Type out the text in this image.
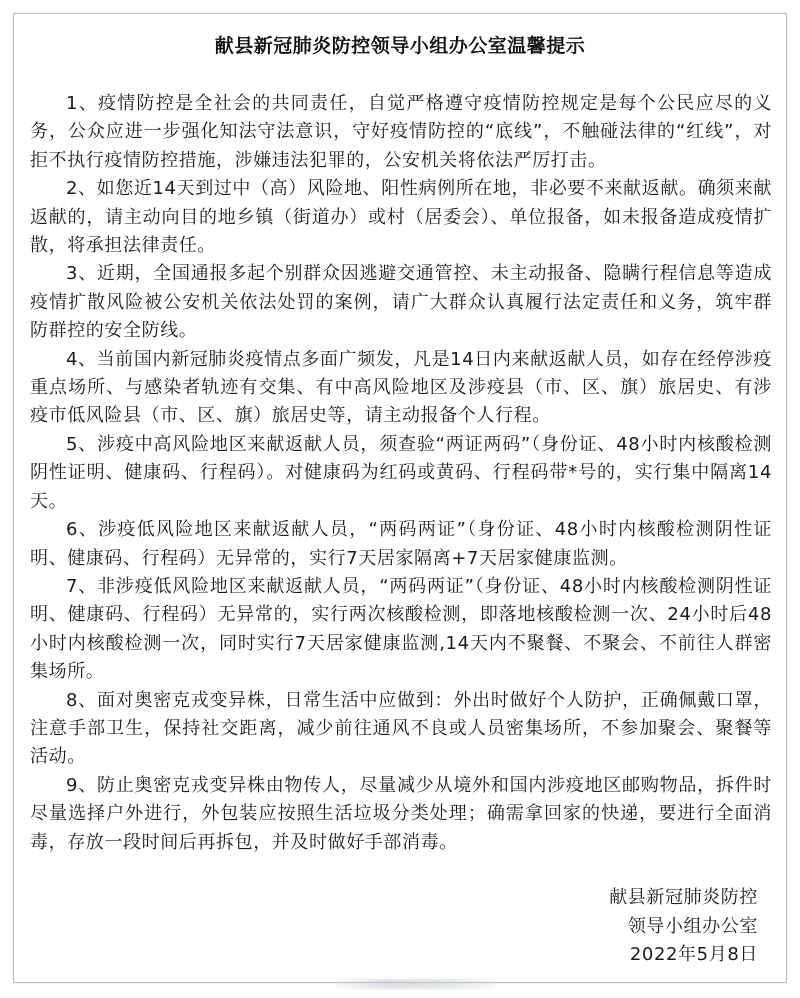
献县新冠肺炎防控领导小组办公室温馨提示

1、疫情防控是全社会的共同责任，自觉严格遵守疫情防控规定是每个公民应尽的义务，公众应进一步强化知法守法意识，守好疫情防控的“底线”，不触碰法律的“红线”，对拒不执行疫情防控措施，涉嫌违法犯罪的，公安机关将依法严厉打击。

2、如您近14天到过中（高）风险地、阳性病例所在地，非必要不来献返献。确须来献返献的，请主动向目的地乡镇（街道办）或村（居委会）、单位报备，如未报备造成疫情扩散，将承担法律责任。

3、近期，全国通报多起个别群众因逃避交通管控、未主动报备、隐瞒行程信息等造成疫情扩散风险被公安机关依法处罚的案例，请广大群众认真履行法定责任和义务，筑牢群防群控的安全防线。

4、当前国内新冠肺炎疫情点多面广频发，凡是14日内来献返献人员，如存在经停涉疫重点场所、与感染者轨迹有交集、有中高风险地区及涉疫县（市、区、旗）旅居史、有涉疫市低风险县（市、区、旗）旅居史等，请主动报备个人行程。

5、涉疫中高风险地区来献返献人员，须查验“两证两码”（身份证、48小时内核酸检测阴性证明、健康码、行程码）。对健康码为红码或黄码、行程码带*号的，实行集中隔离14天。

6、涉疫低风险地区来献返献人员，“两码两证”（身份证、48小时内核酸检测阴性证明、健康码、行程码）无异常的，实行7天居家隔离+7天居家健康监测。

7、非涉疫低风险地区来献返献人员，“两码两证”（身份证、48小时内核酸检测阴性证明、健康码、行程码）无异常的，实行两次核酸检测，即落地核酸检测一次、24小时后48小时内核酸检测一次，同时实行7天居家健康监测,14天内不聚餐、不聚会、不前往人群密集场所。

8、面对奥密克戎变异株，日常生活中应做到：外出时做好个人防护，正确佩戴口罩，注意手部卫生，保持社交距离，减少前往通风不良或人员密集场所，不参加聚会、聚餐等活动。

9、防止奥密克戎变异株由物传人，尽量减少从境外和国内涉疫地区邮购物品，拆件时尽量选择户外进行，外包装应按照生活垃圾分类处理；确需拿回家的快递，要进行全面消毒，存放一段时间后再拆包，并及时做好手部消毒。

献县新冠肺炎防控
领导小组办公室
2022年5月8日
